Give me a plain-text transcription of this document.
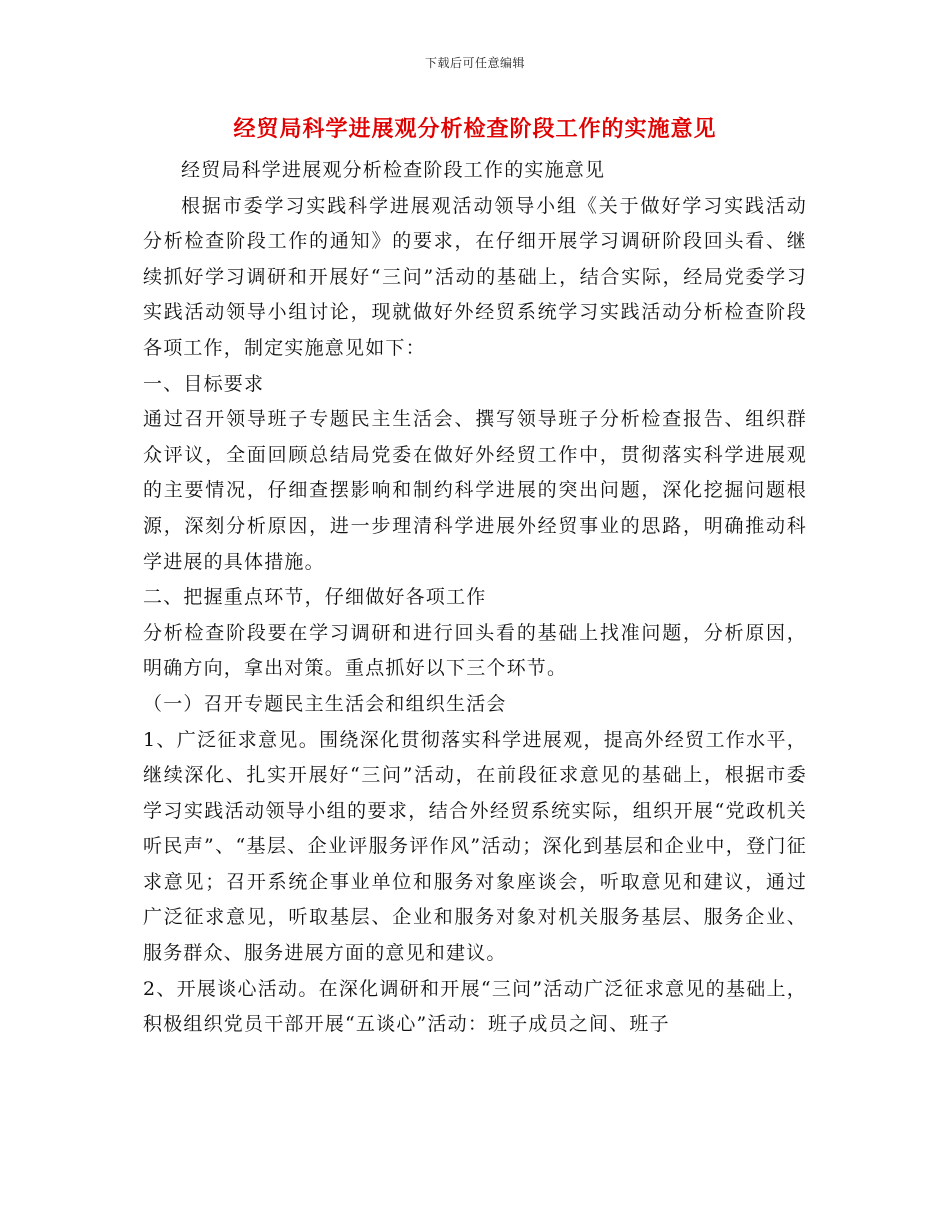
下载后可任意编辑
经贸局科学进展观分析检查阶段工作的实施意见

经贸局科学进展观分析检查阶段工作的实施意见

根据市委学习实践科学进展观活动领导小组《关于做好学习实践活动分析检查阶段工作的通知》的要求，在仔细开展学习调研阶段回头看、继续抓好学习调研和开展好“三问”活动的基础上，结合实际，经局党委学习实践活动领导小组讨论，现就做好外经贸系统学习实践活动分析检查阶段各项工作，制定实施意见如下：

一、目标要求

通过召开领导班子专题民主生活会、撰写领导班子分析检查报告、组织群众评议，全面回顾总结局党委在做好外经贸工作中，贯彻落实科学进展观的主要情况，仔细查摆影响和制约科学进展的突出问题，深化挖掘问题根源，深刻分析原因，进一步理清科学进展外经贸事业的思路，明确推动科学进展的具体措施。

二、把握重点环节，仔细做好各项工作

分析检查阶段要在学习调研和进行回头看的基础上找准问题，分析原因，明确方向，拿出对策。重点抓好以下三个环节。

（一）召开专题民主生活会和组织生活会

1、广泛征求意见。围绕深化贯彻落实科学进展观，提高外经贸工作水平，继续深化、扎实开展好“三问”活动，在前段征求意见的基础上，根据市委学习实践活动领导小组的要求，结合外经贸系统实际，组织开展“党政机关听民声”、“基层、企业评服务评作风”活动；深化到基层和企业中，登门征求意见；召开系统企事业单位和服务对象座谈会，听取意见和建议，通过广泛征求意见，听取基层、企业和服务对象对机关服务基层、服务企业、服务群众、服务进展方面的意见和建议。

2、开展谈心活动。在深化调研和开展“三问”活动广泛征求意见的基础上，积极组织党员干部开展“五谈心”活动：班子成员之间、班子
